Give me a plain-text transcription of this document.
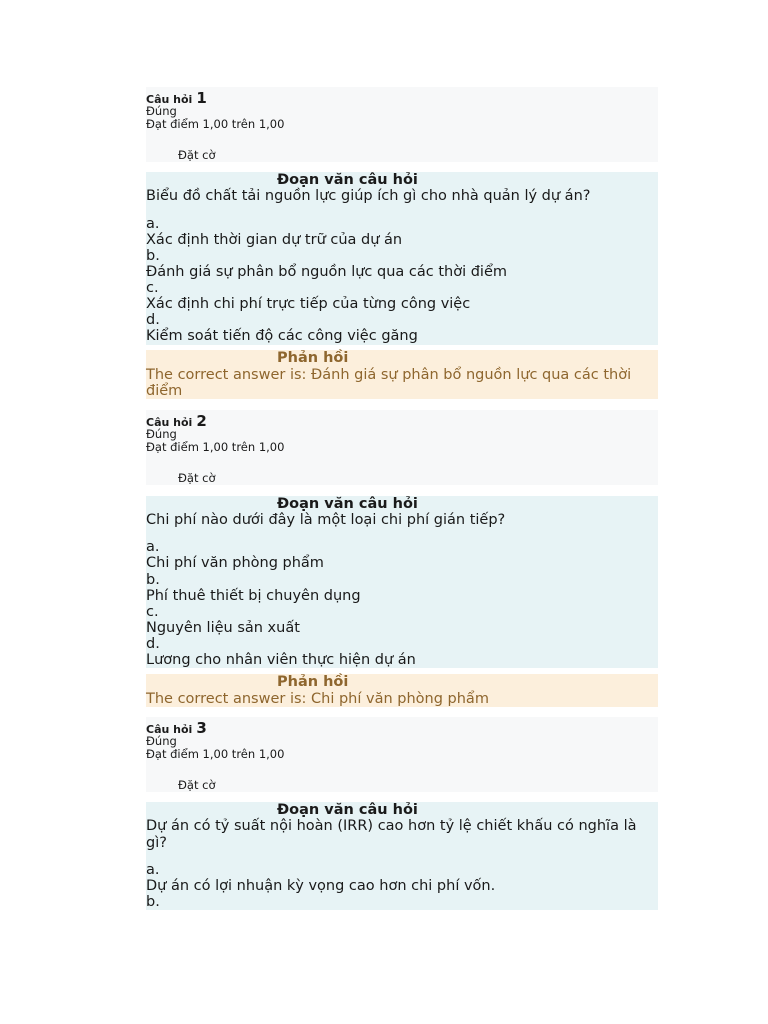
Câu hỏi 1
Đúng
Đạt điểm 1,00 trên 1,00
Đặt cờ
Đoạn văn câu hỏi
Biểu đồ chất tải nguồn lực giúp ích gì cho nhà quản lý dự án?
a.
Xác định thời gian dự trữ của dự án
b.
Đánh giá sự phân bổ nguồn lực qua các thời điểm
c.
Xác định chi phí trực tiếp của từng công việc
d.
Kiểm soát tiến độ các công việc găng
Phản hồi
The correct answer is: Đánh giá sự phân bổ nguồn lực qua các thời điểm
Câu hỏi 2
Đúng
Đạt điểm 1,00 trên 1,00
Đặt cờ
Đoạn văn câu hỏi
Chi phí nào dưới đây là một loại chi phí gián tiếp?
a.
Chi phí văn phòng phẩm
b.
Phí thuê thiết bị chuyên dụng
c.
Nguyên liệu sản xuất
d.
Lương cho nhân viên thực hiện dự án
Phản hồi
The correct answer is: Chi phí văn phòng phẩm
Câu hỏi 3
Đúng
Đạt điểm 1,00 trên 1,00
Đặt cờ
Đoạn văn câu hỏi
Dự án có tỷ suất nội hoàn (IRR) cao hơn tỷ lệ chiết khấu có nghĩa là gì?
a.
Dự án có lợi nhuận kỳ vọng cao hơn chi phí vốn.
b.
